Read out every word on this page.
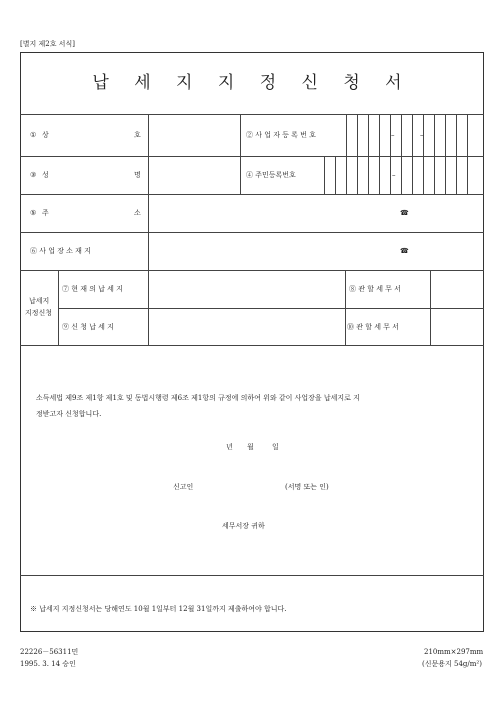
[별지 제2호 서식]
납 세 지 지 정 신 청 서
① 상	호	② 사 업 자 등 록 번 호	–	–
③ 성	명	④ 주민등록번호	–
⑤ 주	소	☎
⑥ 사 업 장 소 재 지	☎
납세지
지정신청
⑦ 현 재 의 납 세 지	⑧ 관 할 세 무 서
⑨ 신 청 납 세 지	⑩ 관 할 세 무 서
소득세법 제9조 제1항 제1호 및 동법시행령 제6조 제1항의 규정에 의하여 위와 같이 사업장을 납세지로 지
정받고자 신청합니다.
년 월	일
신고인	(서명 또는 인)
세무서장 귀하
※ 납세지 지정신청서는 당해연도 10월 1일부터 12월 31일까지 제출하여야 합니다.
22226－56311민
1995. 3. 14 승인
210mm×297mm
(신문용지 54g/m²)
